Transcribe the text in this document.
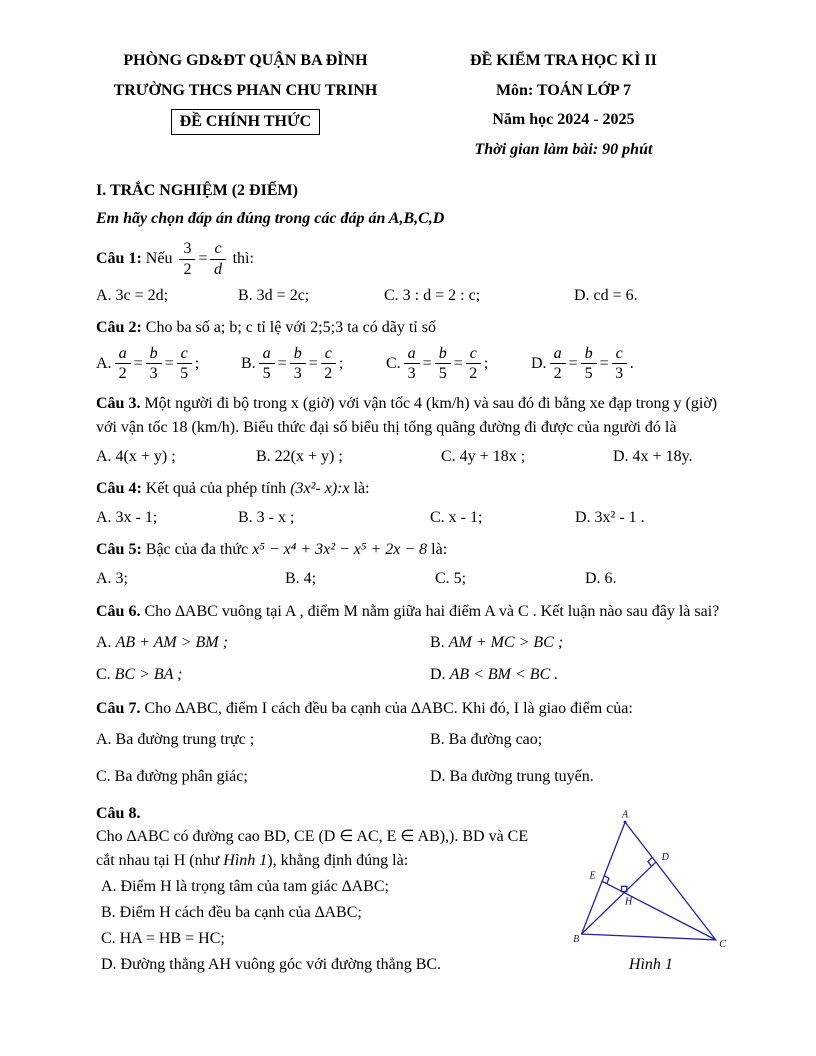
PHÒNG GD&ĐT QUẬN BA ĐÌNH
TRƯỜNG THCS PHAN CHU TRINH
ĐỀ CHÍNH THỨC
ĐỀ KIỂM TRA HỌC KÌ II
Môn: TOÁN LỚP 7
Năm học 2024 - 2025
Thời gian làm bài: 90 phút
I. TRẮC NGHIỆM (2 ĐIỂM)
Em hãy chọn đáp án đúng trong các đáp án A,B,C,D

Câu 1: Nếu $\frac{3}{2} = \frac{c}{d}$ thì:

A. 3c = 2d;	B. 3d = 2c;	C. 3 : d = 2 : c;	D. cd = 6.

Câu 2: Cho ba số a; b; c tỉ lệ với 2;5;3 ta có dãy tỉ số

A. $\frac{a}{2} = \frac{b}{3} = \frac{c}{5}$ ;	B. $\frac{a}{5} = \frac{b}{3} = \frac{c}{2}$ ;	C. $\frac{a}{3} = \frac{b}{5} = \frac{c}{2}$ ;	D. $\frac{a}{2} = \frac{b}{5} = \frac{c}{3}$ .

Câu 3. Một người đi bộ trong x (giờ) với vận tốc 4 (km/h) và sau đó đi bằng xe đạp trong y (giờ) với vận tốc 18 (km/h). Biểu thức đại số biểu thị tổng quãng đường đi được của người đó là

A. 4(x + y) ;	B. 22(x + y) ;	C. 4y + 18x ;	D. 4x + 18y.

Câu 4: Kết quả của phép tính (3x²- x):x là:

A. 3x - 1;	B. 3 - x ;	C. x - 1;	D. 3x² - 1 .

Câu 5: Bậc của đa thức x⁵ − x⁴ + 3x² − x⁵ + 2x − 8 là:

A. 3;	B. 4;	C. 5;	D. 6.

Câu 6. Cho ∆ABC vuông tại A , điểm M nằm giữa hai điểm A và C . Kết luận nào sau đây là sai?

A. AB + AM > BM ;	B. AM + MC > BC ;
C. BC > BA ;	D. AB < BM < BC .

Câu 7. Cho ∆ABC, điểm I cách đều ba cạnh của ∆ABC. Khi đó, I là giao điểm của:

A. Ba đường trung trực ;	B. Ba đường cao;
C. Ba đường phân giác;	D. Ba đường trung tuyến.

Câu 8.

Cho ∆ABC có đường cao BD, CE (D ∈ AC, E ∈ AB),). BD và CE cắt nhau tại H (như Hình 1), khẳng định đúng là:

A. Điểm H là trọng tâm của tam giác ∆ABC;

B. Điểm H cách đều ba cạnh của ∆ABC;

C. HA = HB = HC;

D. Đường thẳng AH vuông góc với đường thẳng BC.

A
B	C
D
E
H
Hình 1
